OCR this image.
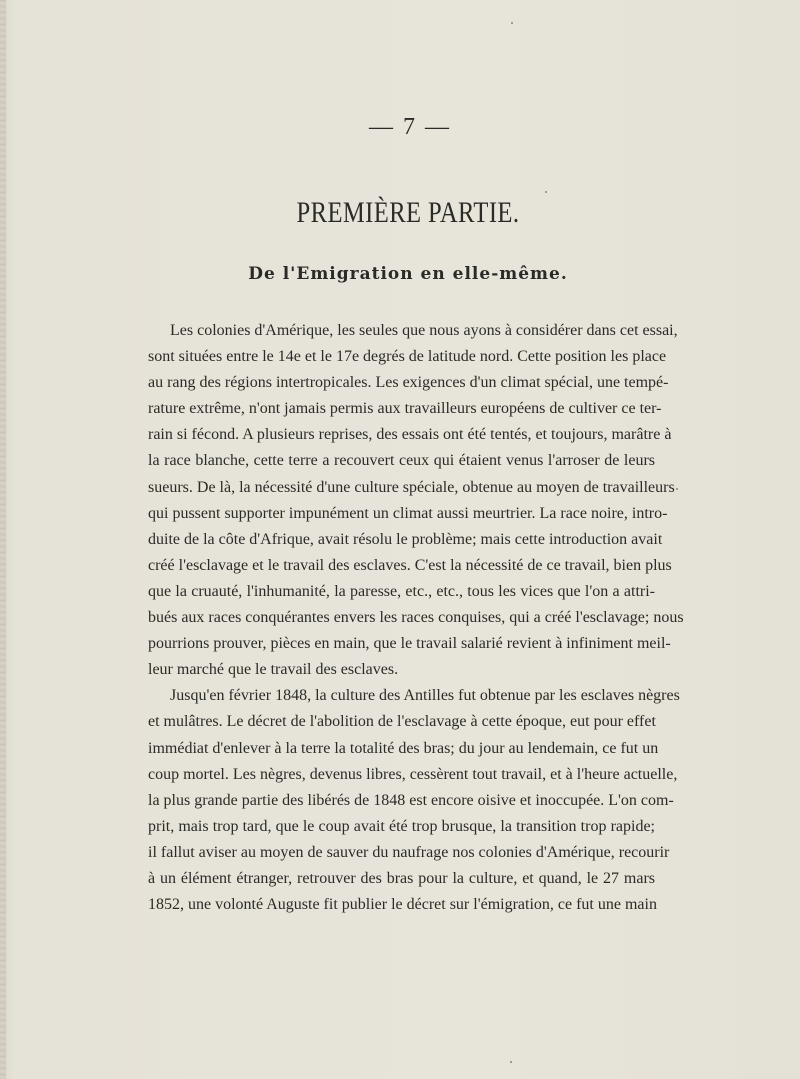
— 7 —
PREMIÈRE PARTIE.
De l'Emigration en elle-même.
Les colonies d'Amérique, les seules que nous ayons à considérer dans cet essai,
sont situées entre le 14e et le 17e degrés de latitude nord. Cette position les place
au rang des régions intertropicales. Les exigences d'un climat spécial, une tempé-
rature extrême, n'ont jamais permis aux travailleurs européens de cultiver ce ter-
rain si fécond. A plusieurs reprises, des essais ont été tentés, et toujours, marâtre à
la race blanche, cette terre a recouvert ceux qui étaient venus l'arroser de leurs
sueurs. De là, la nécessité d'une culture spéciale, obtenue au moyen de travailleurs
qui pussent supporter impunément un climat aussi meurtrier. La race noire, intro-
duite de la côte d'Afrique, avait résolu le problème; mais cette introduction avait
créé l'esclavage et le travail des esclaves. C'est la nécessité de ce travail, bien plus
que la cruauté, l'inhumanité, la paresse, etc., etc., tous les vices que l'on a attri-
bués aux races conquérantes envers les races conquises, qui a créé l'esclavage; nous
pourrions prouver, pièces en main, que le travail salarié revient à infiniment meil-
leur marché que le travail des esclaves.
Jusqu'en février 1848, la culture des Antilles fut obtenue par les esclaves nègres
et mulâtres. Le décret de l'abolition de l'esclavage à cette époque, eut pour effet
immédiat d'enlever à la terre la totalité des bras; du jour au lendemain, ce fut un
coup mortel. Les nègres, devenus libres, cessèrent tout travail, et à l'heure actuelle,
la plus grande partie des libérés de 1848 est encore oisive et inoccupée. L'on com-
prit, mais trop tard, que le coup avait été trop brusque, la transition trop rapide;
il fallut aviser au moyen de sauver du naufrage nos colonies d'Amérique, recourir
à un élément étranger, retrouver des bras pour la culture, et quand, le 27 mars
1852, une volonté Auguste fit publier le décret sur l'émigration, ce fut une main
